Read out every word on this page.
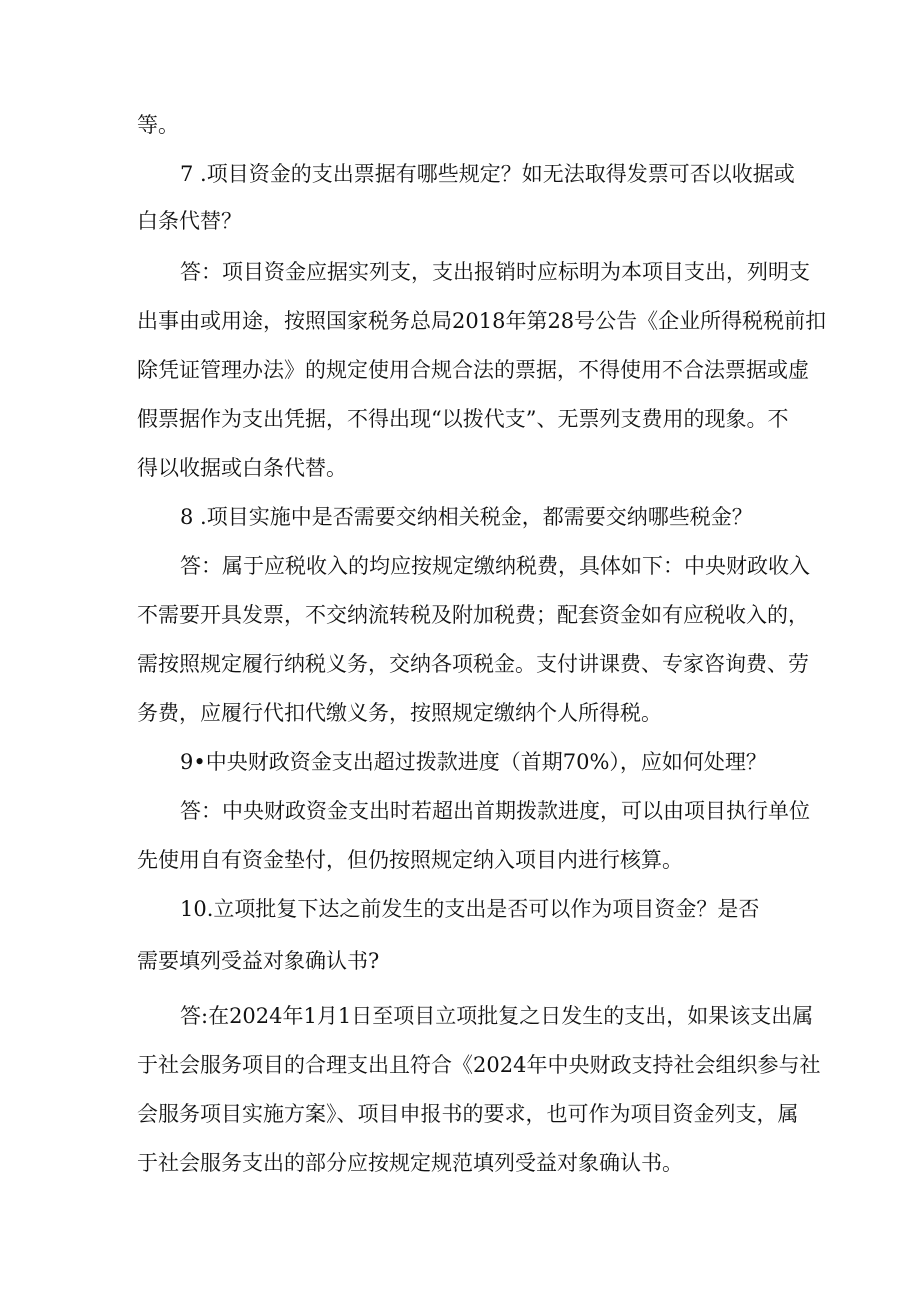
等。

7 .项目资金的支出票据有哪些规定？如无法取得发票可否以收据或

白条代替？

答：项目资金应据实列支，支出报销时应标明为本项目支出，列明支

出事由或用途，按照国家税务总局2018年第28号公告《企业所得税税前扣

除凭证管理办法》的规定使用合规合法的票据，不得使用不合法票据或虚

假票据作为支出凭据，不得出现“以拨代支”、无票列支费用的现象。不

得以收据或白条代替。

8 .项目实施中是否需要交纳相关税金，都需要交纳哪些税金？

答：属于应税收入的均应按规定缴纳税费，具体如下：中央财政收入

不需要开具发票，不交纳流转税及附加税费；配套资金如有应税收入的，

需按照规定履行纳税义务，交纳各项税金。支付讲课费、专家咨询费、劳

务费，应履行代扣代缴义务，按照规定缴纳个人所得税。

9•中央财政资金支出超过拨款进度（首期70%），应如何处理？

答：中央财政资金支出时若超出首期拨款进度，可以由项目执行单位

先使用自有资金垫付，但仍按照规定纳入项目内进行核算。

10.立项批复下达之前发生的支出是否可以作为项目资金？是否

需要填列受益对象确认书?

答:在2024年1月1日至项目立项批复之日发生的支出，如果该支出属

于社会服务项目的合理支出且符合《2024年中央财政支持社会组织参与社

会服务项目实施方案》、项目申报书的要求，也可作为项目资金列支，属

于社会服务支出的部分应按规定规范填列受益对象确认书。
